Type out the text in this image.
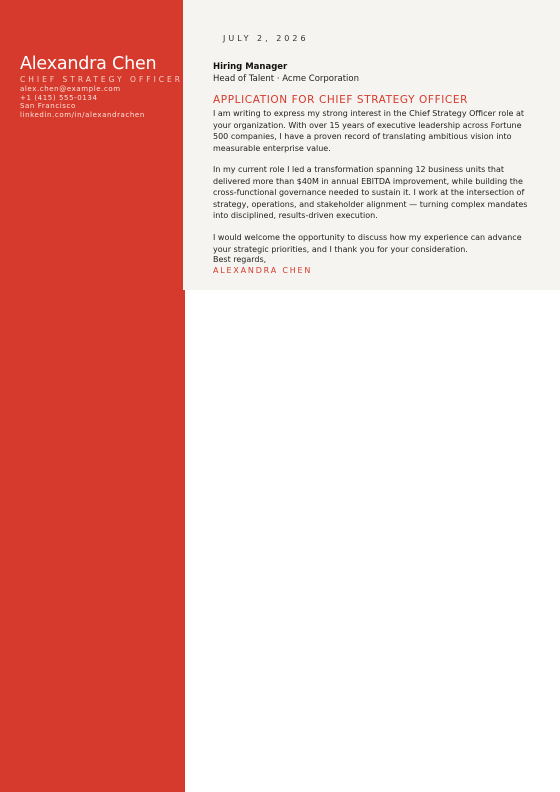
Alexandra Chen
CHIEF STRATEGY OFFICER
alex.chen@example.com
+1 (415) 555-0134
San Francisco
linkedin.com/in/alexandrachen
JULY 2, 2026
Hiring Manager
Head of Talent · Acme Corporation
APPLICATION FOR CHIEF STRATEGY OFFICER

I am writing to express my strong interest in the Chief Strategy Officer role at your organization. With over 15 years of executive leadership across Fortune 500 companies, I have a proven record of translating ambitious vision into measurable enterprise value.

In my current role I led a transformation spanning 12 business units that delivered more than $40M in annual EBITDA improvement, while building the cross-functional governance needed to sustain it. I work at the intersection of strategy, operations, and stakeholder alignment — turning complex mandates into disciplined, results-driven execution.

I would welcome the opportunity to discuss how my experience can advance your strategic priorities, and I thank you for your consideration.

Best regards,
ALEXANDRA CHEN
